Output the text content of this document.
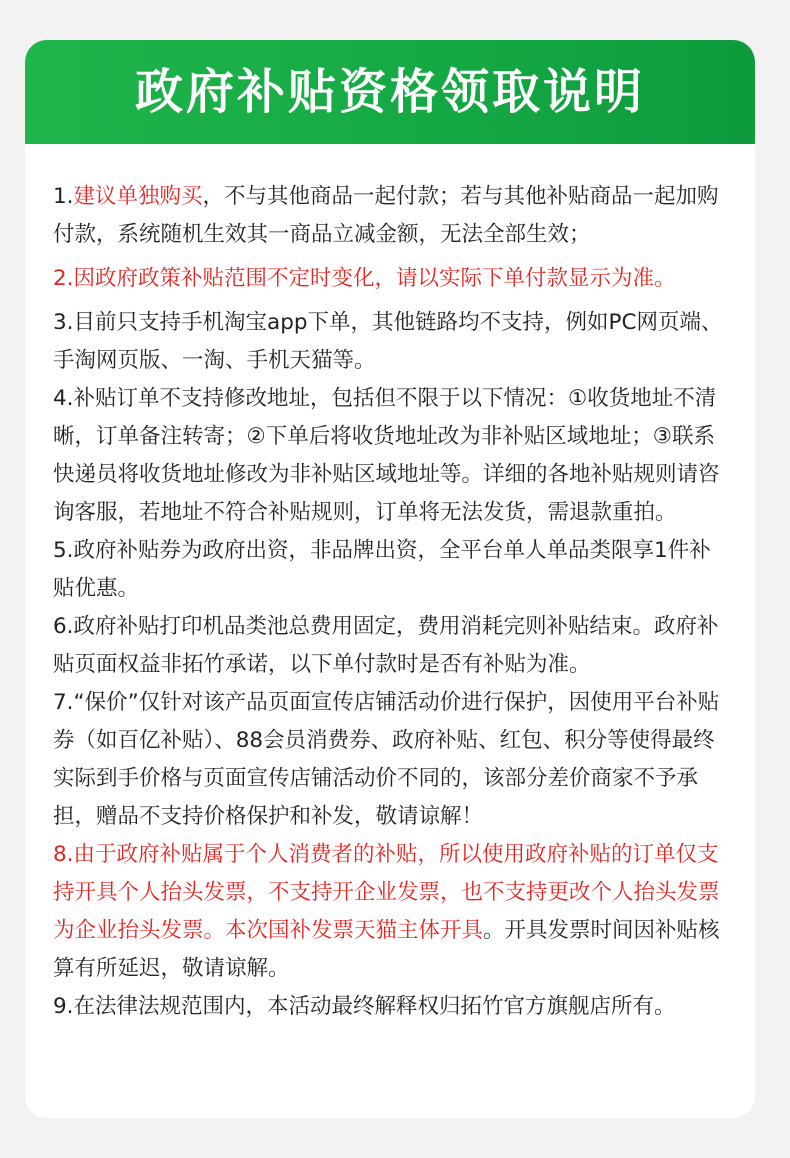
政府补贴资格领取说明

1.建议单独购买，不与其他商品一起付款；若与其他补贴商品一起加购付款，系统随机生效其一商品立减金额，无法全部生效；

2.因政府政策补贴范围不定时变化，请以实际下单付款显示为准。

3.目前只支持手机淘宝app下单，其他链路均不支持，例如PC网页端、手淘网页版、一淘、手机天猫等。

4.补贴订单不支持修改地址，包括但不限于以下情况：①收货地址不清晰，订单备注转寄；②下单后将收货地址改为非补贴区域地址；③联系快递员将收货地址修改为非补贴区域地址等。详细的各地补贴规则请咨询客服，若地址不符合补贴规则，订单将无法发货，需退款重拍。

5.政府补贴券为政府出资，非品牌出资，全平台单人单品类限享1件补贴优惠。

6.政府补贴打印机品类池总费用固定，费用消耗完则补贴结束。政府补贴页面权益非拓竹承诺，以下单付款时是否有补贴为准。

7.“保价”仅针对该产品页面宣传店铺活动价进行保护，因使用平台补贴券（如百亿补贴）、88会员消费券、政府补贴、红包、积分等使得最终实际到手价格与页面宣传店铺活动价不同的，该部分差价商家不予承担，赠品不支持价格保护和补发，敬请谅解！

8.由于政府补贴属于个人消费者的补贴，所以使用政府补贴的订单仅支持开具个人抬头发票，不支持开企业发票，也不支持更改个人抬头发票为企业抬头发票。本次国补发票天猫主体开具。开具发票时间因补贴核算有所延迟，敬请谅解。

9.在法律法规范围内，本活动最终解释权归拓竹官方旗舰店所有。
